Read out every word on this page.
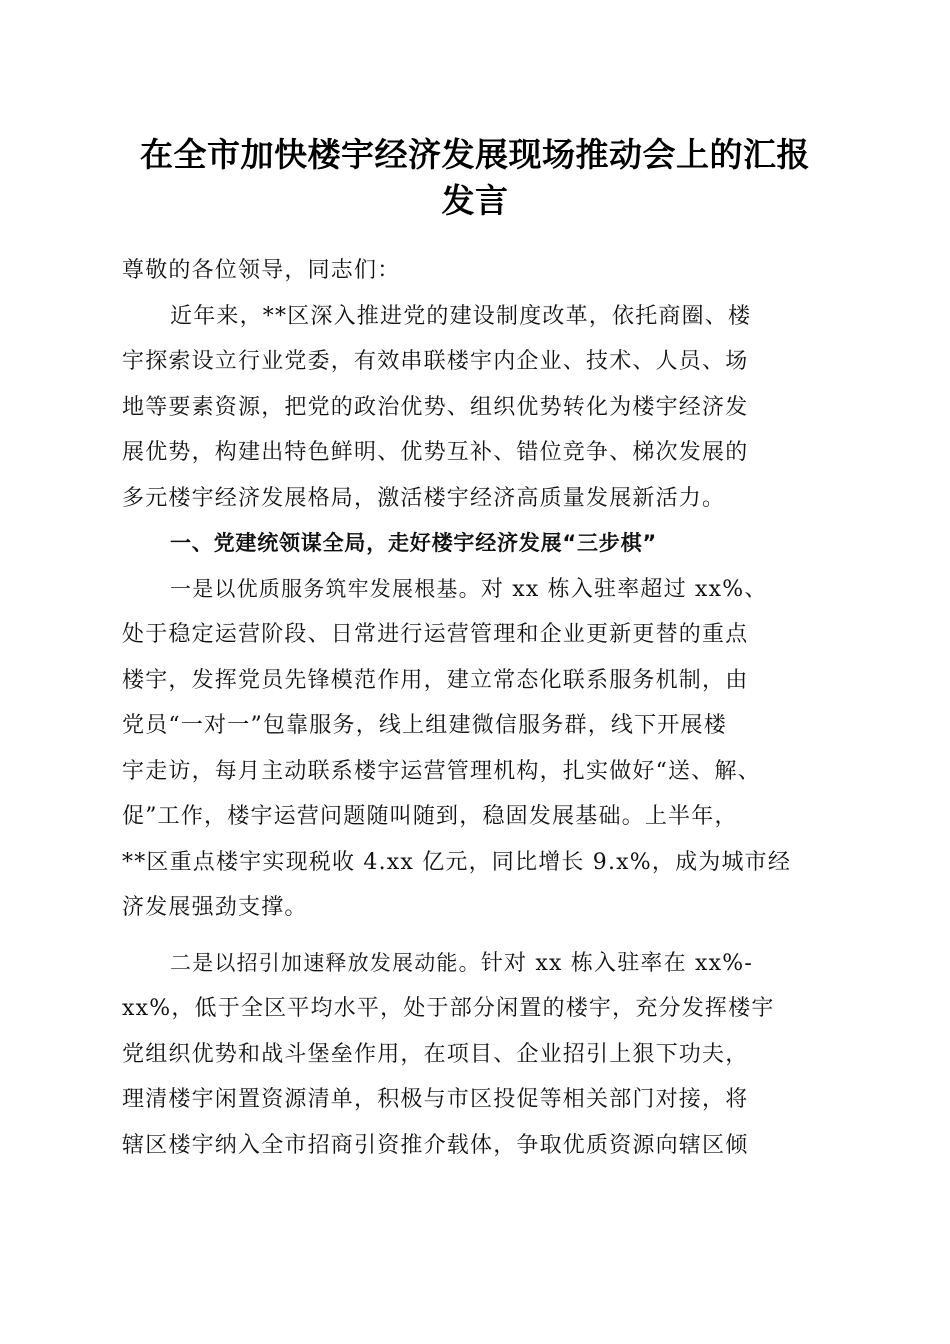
在全市加快楼宇经济发展现场推动会上的汇报
发言
尊敬的各位领导，同志们：
近年来，**区深入推进党的建设制度改革，依托商圈、楼
宇探索设立行业党委，有效串联楼宇内企业、技术、人员、场
地等要素资源，把党的政治优势、组织优势转化为楼宇经济发
展优势，构建出特色鲜明、优势互补、错位竞争、梯次发展的
多元楼宇经济发展格局，激活楼宇经济高质量发展新活力。
一、党建统领谋全局，走好楼宇经济发展“三步棋”
一是以优质服务筑牢发展根基。对 xx 栋入驻率超过 xx%、
处于稳定运营阶段、日常进行运营管理和企业更新更替的重点
楼宇，发挥党员先锋模范作用，建立常态化联系服务机制，由
党员“一对一”包靠服务，线上组建微信服务群，线下开展楼
宇走访，每月主动联系楼宇运营管理机构，扎实做好“送、解、
促”工作，楼宇运营问题随叫随到，稳固发展基础。上半年，
**区重点楼宇实现税收 4.xx 亿元，同比增长 9.x%，成为城市经
济发展强劲支撑。
二是以招引加速释放发展动能。针对 xx 栋入驻率在 xx%-
xx%，低于全区平均水平，处于部分闲置的楼宇，充分发挥楼宇
党组织优势和战斗堡垒作用，在项目、企业招引上狠下功夫，
理清楼宇闲置资源清单，积极与市区投促等相关部门对接，将
辖区楼宇纳入全市招商引资推介载体，争取优质资源向辖区倾
